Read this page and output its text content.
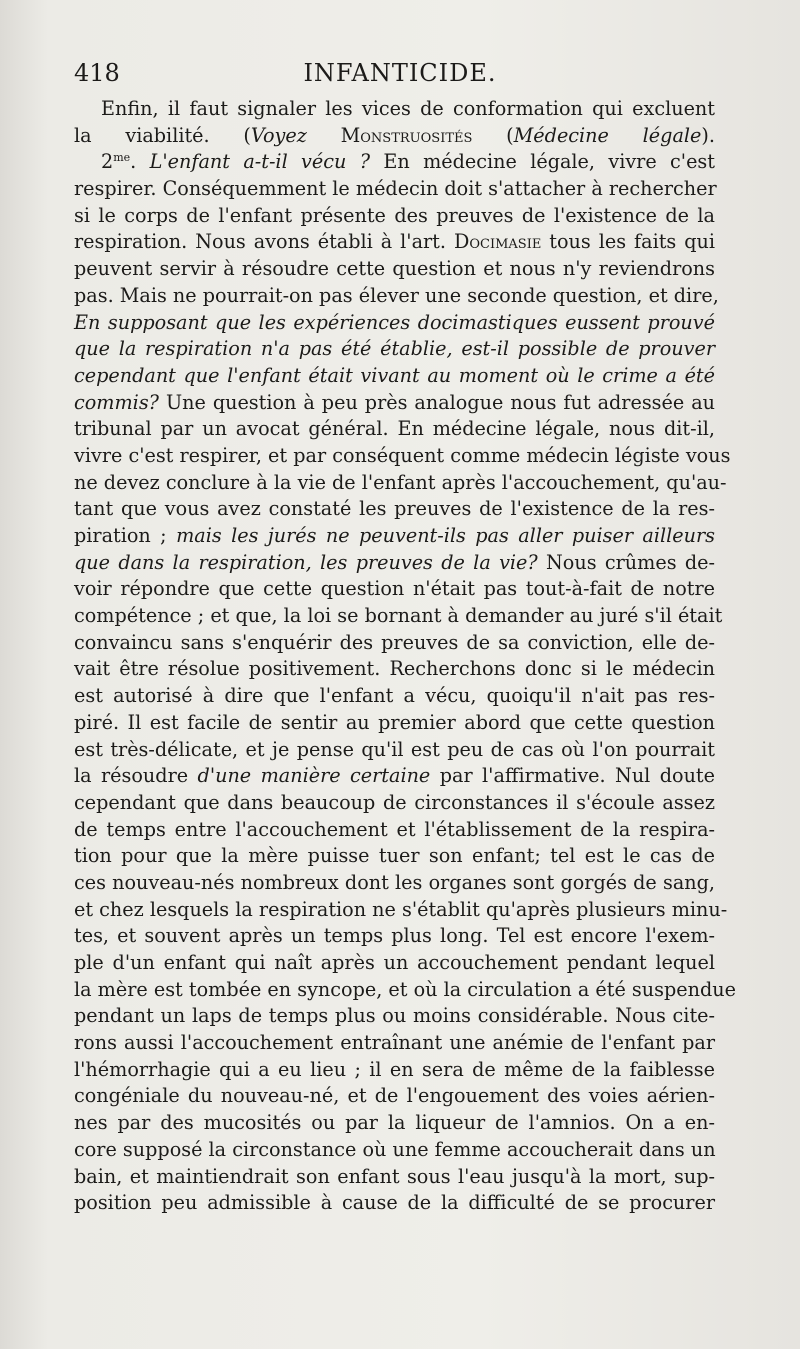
418	INFANTICIDE.
Enfin, il faut signaler les vices de conformation qui excluent
la viabilité. (Voyez Monstruosités (Médecine légale).
$2^{me}$. L'enfant a-t-il vécu ? En médecine légale, vivre c'est
respirer. Conséquemment le médecin doit s'attacher à rechercher
si le corps de l'enfant présente des preuves de l'existence de la
respiration. Nous avons établi à l'art. Docimasie tous les faits qui
peuvent servir à résoudre cette question et nous n'y reviendrons
pas. Mais ne pourrait-on pas élever une seconde question, et dire,
En supposant que les expériences docimastiques eussent prouvé
que la respiration n'a pas été établie, est-il possible de prouver
cependant que l'enfant était vivant au moment où le crime a été
commis? Une question à peu près analogue nous fut adressée au
tribunal par un avocat général. En médecine légale, nous dit-il,
vivre c'est respirer, et par conséquent comme médecin légiste vous
ne devez conclure à la vie de l'enfant après l'accouchement, qu'au-
tant que vous avez constaté les preuves de l'existence de la res-
piration ; mais les jurés ne peuvent-ils pas aller puiser ailleurs
que dans la respiration, les preuves de la vie? Nous crûmes de-
voir répondre que cette question n'était pas tout-à-fait de notre
compétence ; et que, la loi se bornant à demander au juré s'il était
convaincu sans s'enquérir des preuves de sa conviction, elle de-
vait être résolue positivement. Recherchons donc si le médecin
est autorisé à dire que l'enfant a vécu, quoiqu'il n'ait pas res-
piré. Il est facile de sentir au premier abord que cette question
est très-délicate, et je pense qu'il est peu de cas où l'on pourrait
la résoudre d'une manière certaine par l'affirmative. Nul doute
cependant que dans beaucoup de circonstances il s'écoule assez
de temps entre l'accouchement et l'établissement de la respira-
tion pour que la mère puisse tuer son enfant; tel est le cas de
ces nouveau-nés nombreux dont les organes sont gorgés de sang,
et chez lesquels la respiration ne s'établit qu'après plusieurs minu-
tes, et souvent après un temps plus long. Tel est encore l'exem-
ple d'un enfant qui naît après un accouchement pendant lequel
la mère est tombée en syncope, et où la circulation a été suspendue
pendant un laps de temps plus ou moins considérable. Nous cite-
rons aussi l'accouchement entraînant une anémie de l'enfant par
l'hémorrhagie qui a eu lieu ; il en sera de même de la faiblesse
congéniale du nouveau-né, et de l'engouement des voies aérien-
nes par des mucosités ou par la liqueur de l'amnios. On a en-
core supposé la circonstance où une femme accoucherait dans un
bain, et maintiendrait son enfant sous l'eau jusqu'à la mort, sup-
position peu admissible à cause de la difficulté de se procurer
